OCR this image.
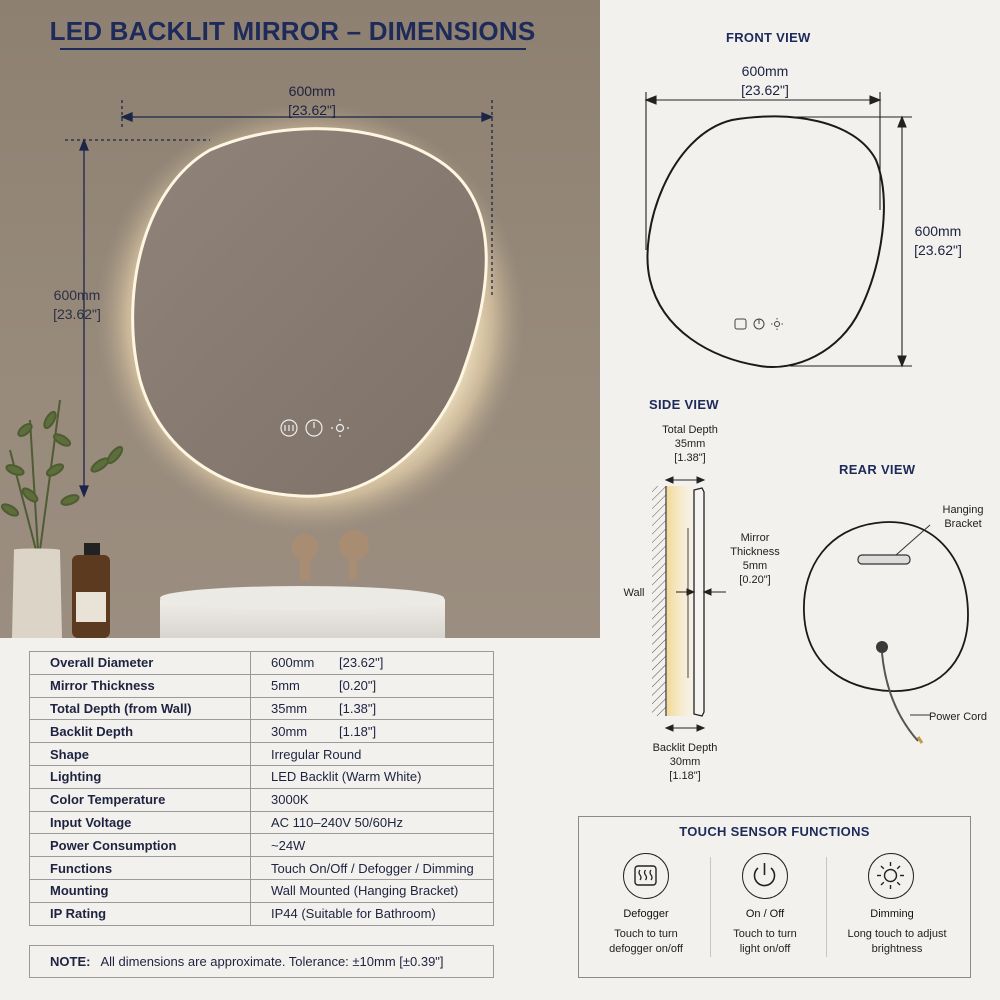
LED BACKLIT MIRROR – DIMENSIONS
600mm
[23.62"]
600mm
[23.62"]
Overall Diameter	600mm [23.62"]
Mirror Thickness	5mm [0.20"]
Total Depth (from Wall)	35mm [1.38"]
Backlit Depth	30mm [1.18"]
Shape	Irregular Round
Lighting	LED Backlit (Warm White)
Color Temperature	3000K
Input Voltage	AC 110–240V 50/60Hz
Power Consumption	~24W
Functions	Touch On/Off / Defogger / Dimming
Mounting	Wall Mounted (Hanging Bracket)
IP Rating	IP44 (Suitable for Bathroom)
NOTE: All dimensions are approximate. Tolerance: ±10mm [±0.39"]
FRONT VIEW
600mm
[23.62"]
600mm
[23.62"]
SIDE VIEW
Total Depth
35mm
[1.38"]
Mirror
Thickness
5mm
[0.20"]
Wall
Backlit Depth
30mm
[1.18"]
REAR VIEW
Hanging
Bracket
Power Cord
TOUCH SENSOR FUNCTIONS
Defogger
Touch to turn
defogger on/off
On / Off
Touch to turn
light on/off
Dimming
Long touch to adjust
brightness
